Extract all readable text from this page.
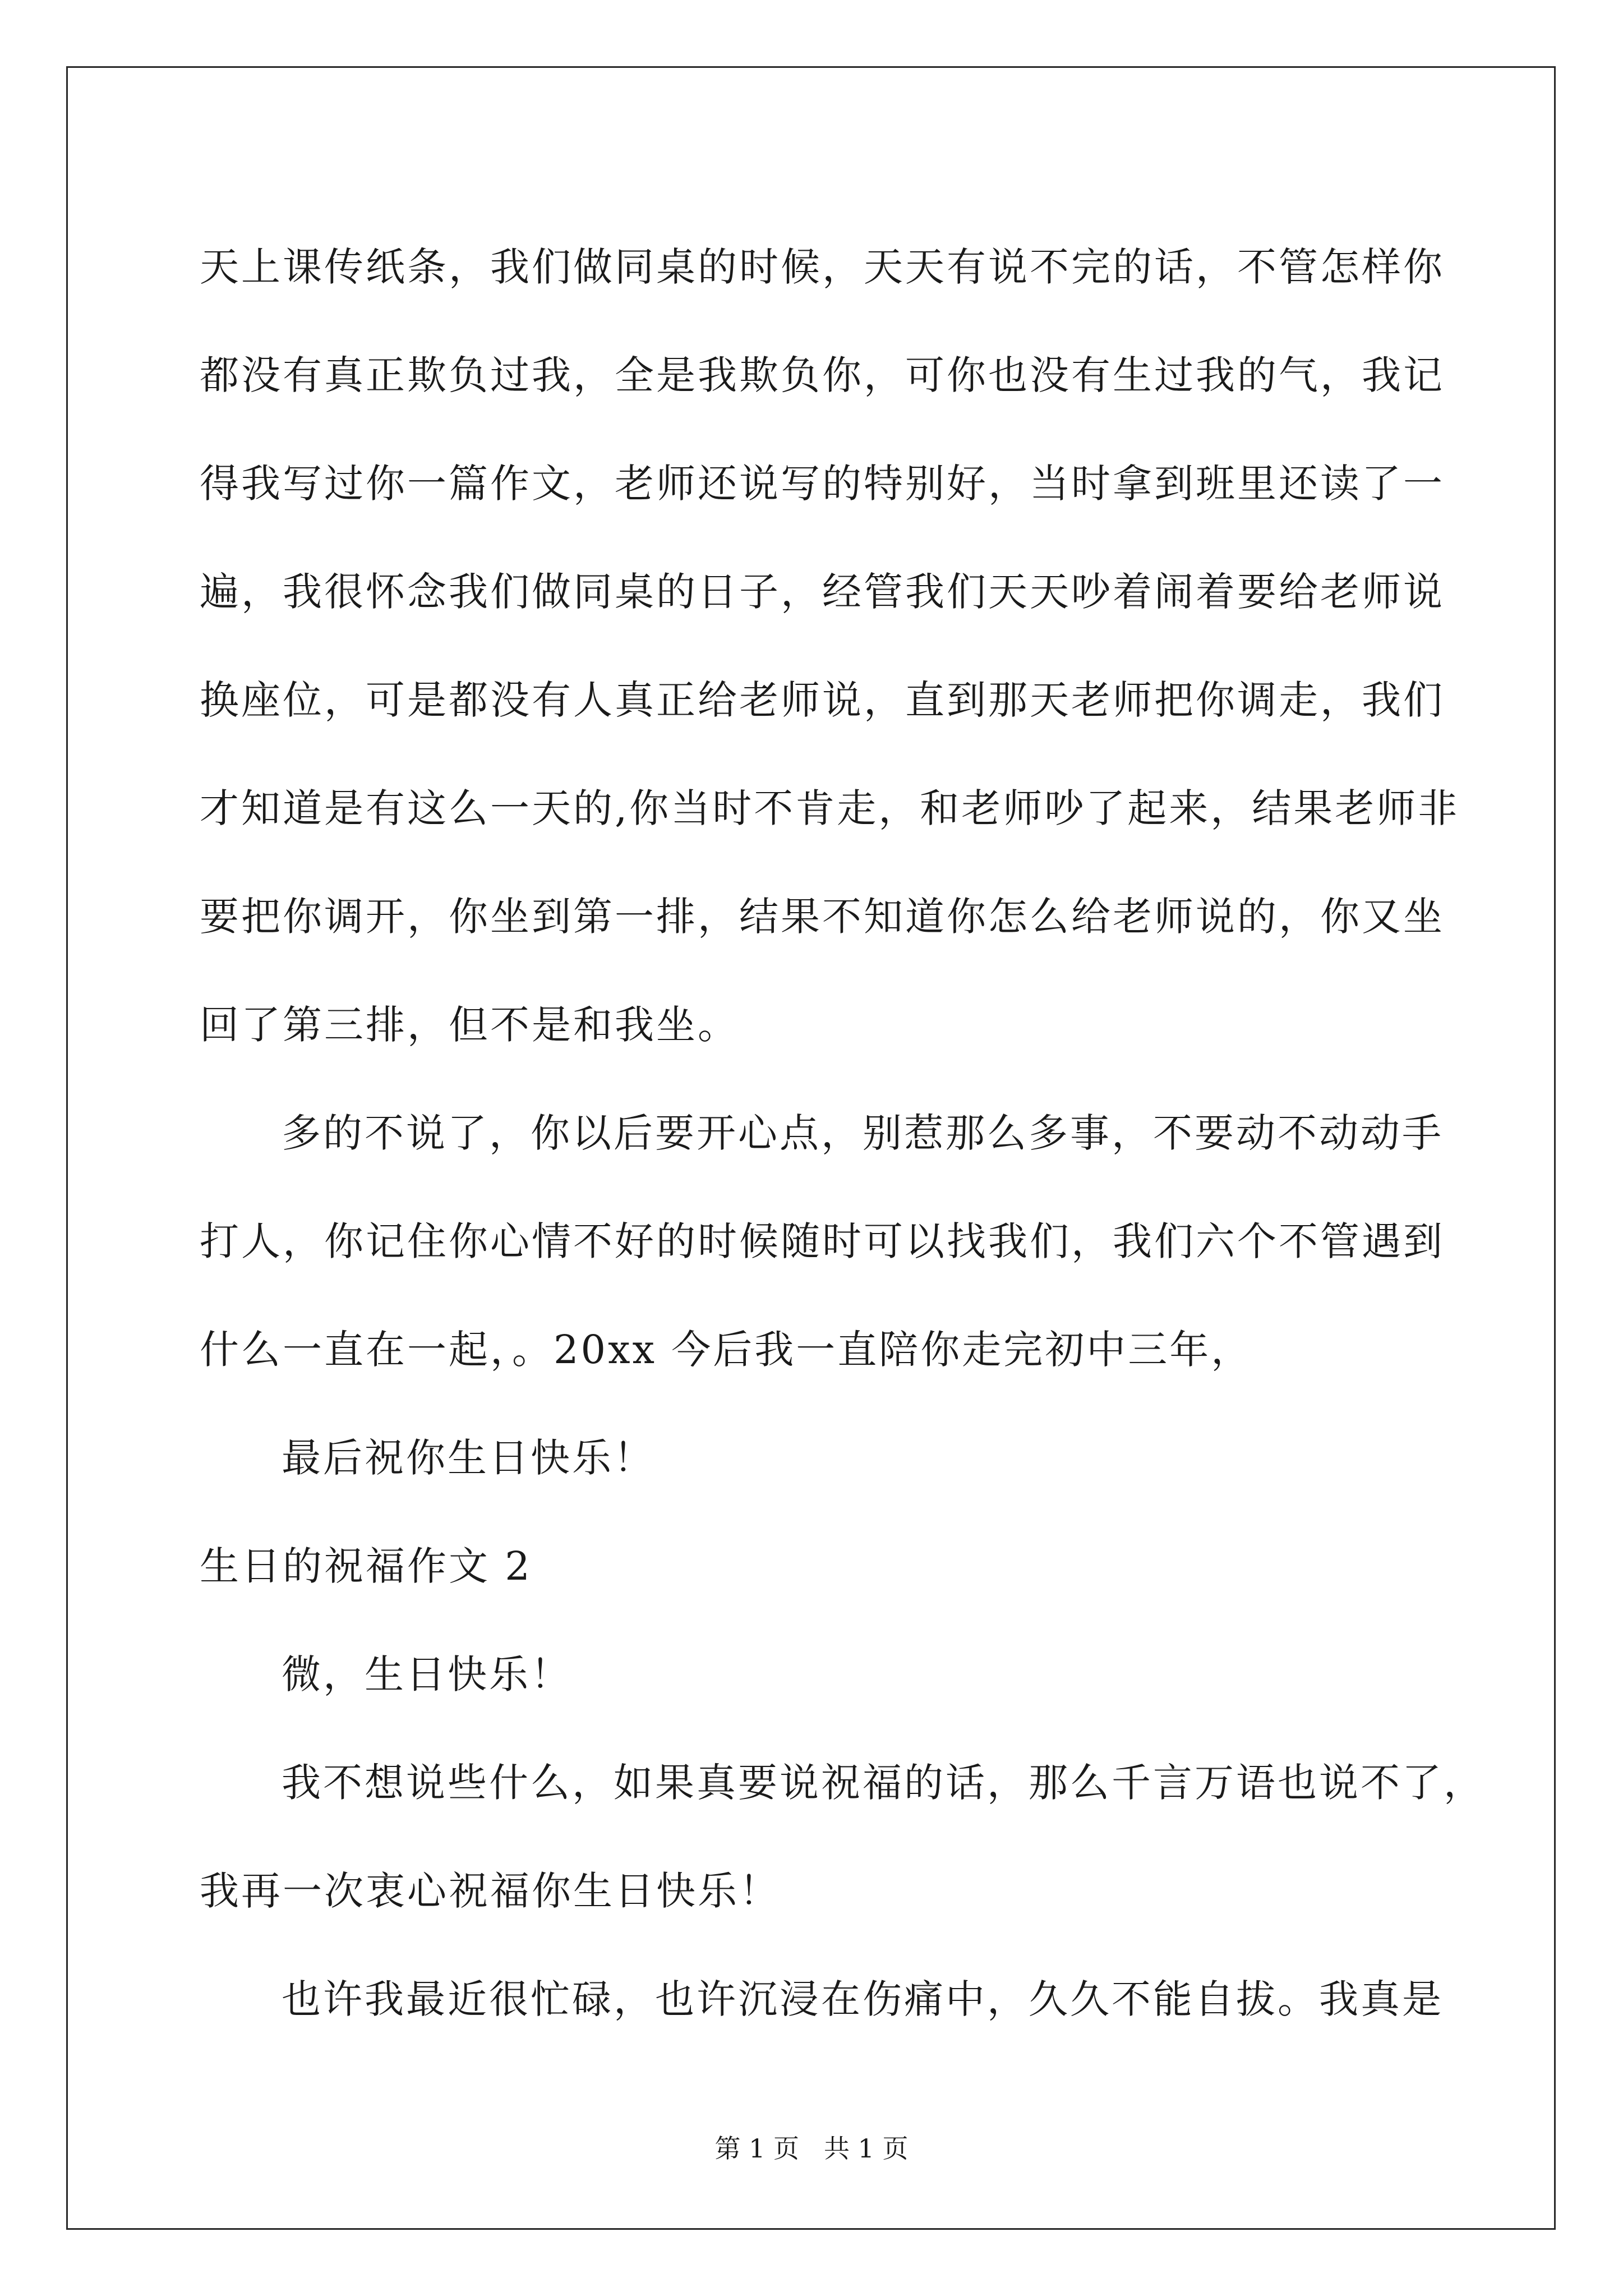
天上课传纸条，我们做同桌的时候，天天有说不完的话，不管怎样你
都没有真正欺负过我，全是我欺负你，可你也没有生过我的气，我记
得我写过你一篇作文，老师还说写的特别好，当时拿到班里还读了一
遍，我很怀念我们做同桌的日子，经管我们天天吵着闹着要给老师说
换座位，可是都没有人真正给老师说，直到那天老师把你调走，我们
才知道是有这么一天的,你当时不肯走，和老师吵了起来，结果老师非
要把你调开，你坐到第一排，结果不知道你怎么给老师说的，你又坐
回了第三排，但不是和我坐。
多的不说了，你以后要开心点，别惹那么多事，不要动不动动手
打人，你记住你心情不好的时候随时可以找我们，我们六个不管遇到
什么一直在一起，。20xx 今后我一直陪你走完初中三年，
最后祝你生日快乐！
生日的祝福作文 2
微，生日快乐！
我不想说些什么，如果真要说祝福的话，那么千言万语也说不了，
我再一次衷心祝福你生日快乐！
也许我最近很忙碌，也许沉浸在伤痛中，久久不能自拔。我真是
第 1 页 共 1 页
